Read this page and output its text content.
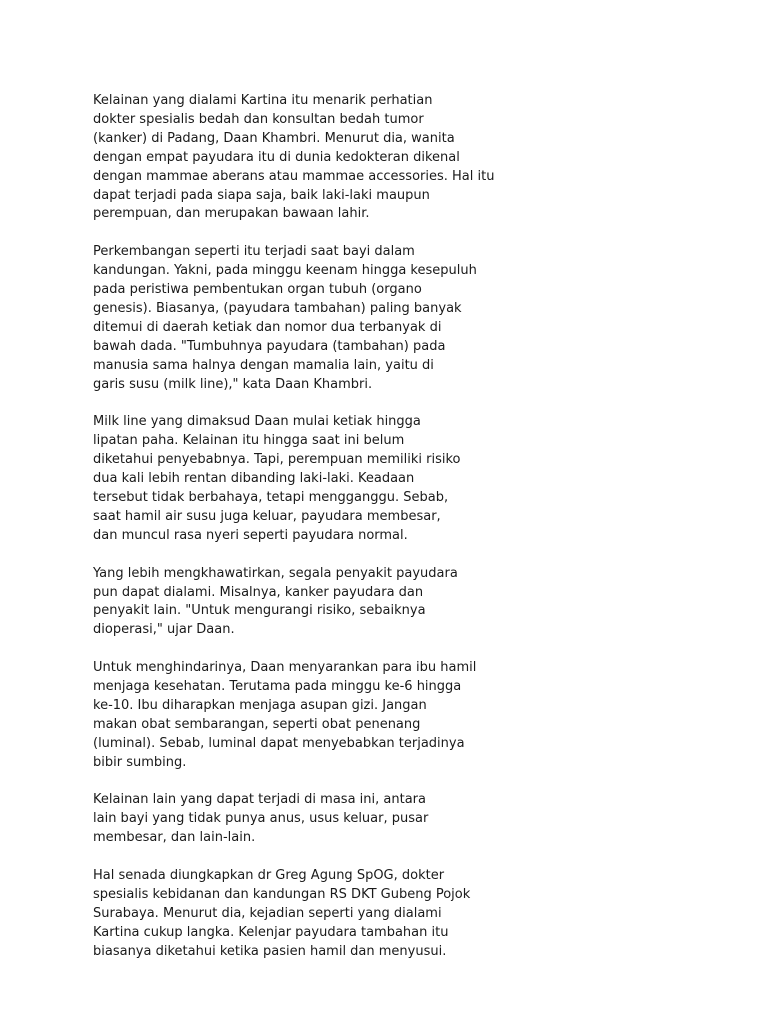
Kelainan yang dialami Kartina itu menarik perhatian
dokter spesialis bedah dan konsultan bedah tumor
(kanker) di Padang, Daan Khambri. Menurut dia, wanita
dengan empat payudara itu di dunia kedokteran dikenal
dengan mammae aberans atau mammae accessories. Hal itu
dapat terjadi pada siapa saja, baik laki-laki maupun
perempuan, dan merupakan bawaan lahir.

Perkembangan seperti itu terjadi saat bayi dalam
kandungan. Yakni, pada minggu keenam hingga kesepuluh
pada peristiwa pembentukan organ tubuh (organo
genesis). Biasanya, (payudara tambahan) paling banyak
ditemui di daerah ketiak dan nomor dua terbanyak di
bawah dada. "Tumbuhnya payudara (tambahan) pada
manusia sama halnya dengan mamalia lain, yaitu di
garis susu (milk line)," kata Daan Khambri.

Milk line yang dimaksud Daan mulai ketiak hingga
lipatan paha. Kelainan itu hingga saat ini belum
diketahui penyebabnya. Tapi, perempuan memiliki risiko
dua kali lebih rentan dibanding laki-laki. Keadaan
tersebut tidak berbahaya, tetapi mengganggu. Sebab,
saat hamil air susu juga keluar, payudara membesar,
dan muncul rasa nyeri seperti payudara normal.

Yang lebih mengkhawatirkan, segala penyakit payudara
pun dapat dialami. Misalnya, kanker payudara dan
penyakit lain. "Untuk mengurangi risiko, sebaiknya
dioperasi," ujar Daan.

Untuk menghindarinya, Daan menyarankan para ibu hamil
menjaga kesehatan. Terutama pada minggu ke-6 hingga
ke-10. Ibu diharapkan menjaga asupan gizi. Jangan
makan obat sembarangan, seperti obat penenang
(luminal). Sebab, luminal dapat menyebabkan terjadinya
bibir sumbing.

Kelainan lain yang dapat terjadi di masa ini, antara
lain bayi yang tidak punya anus, usus keluar, pusar
membesar, dan lain-lain.

Hal senada diungkapkan dr Greg Agung SpOG, dokter
spesialis kebidanan dan kandungan RS DKT Gubeng Pojok
Surabaya. Menurut dia, kejadian seperti yang dialami
Kartina cukup langka. Kelenjar payudara tambahan itu
biasanya diketahui ketika pasien hamil dan menyusui.
